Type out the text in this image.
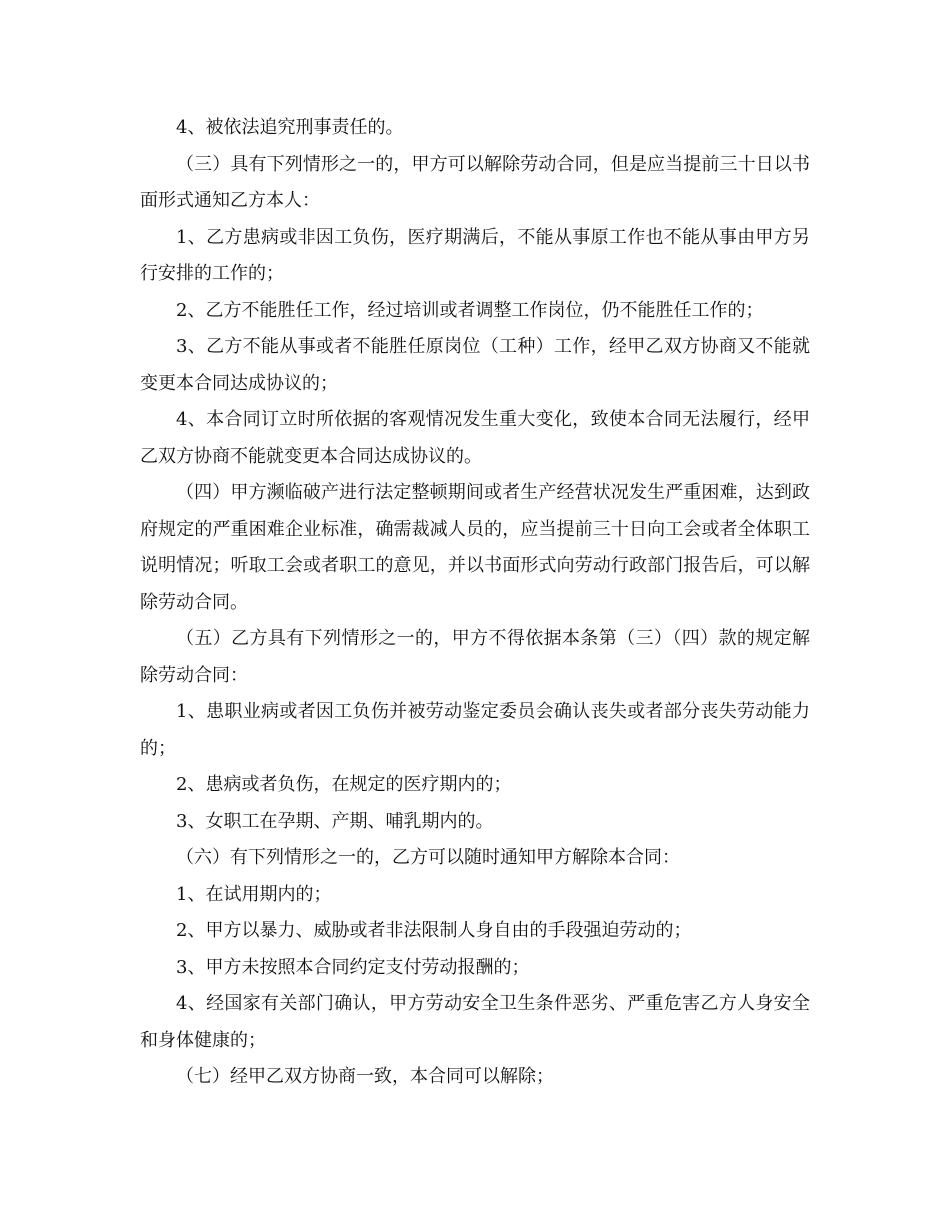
4、被依法追究刑事责任的。

（三）具有下列情形之一的，甲方可以解除劳动合同，但是应当提前三十日以书面形式通知乙方本人：

1、乙方患病或非因工负伤，医疗期满后，不能从事原工作也不能从事由甲方另行安排的工作的；

2、乙方不能胜任工作，经过培训或者调整工作岗位，仍不能胜任工作的；

3、乙方不能从事或者不能胜任原岗位（工种）工作，经甲乙双方协商又不能就变更本合同达成协议的；

4、本合同订立时所依据的客观情况发生重大变化，致使本合同无法履行，经甲乙双方协商不能就变更本合同达成协议的。

（四）甲方濒临破产进行法定整顿期间或者生产经营状况发生严重困难，达到政府规定的严重困难企业标准，确需裁减人员的，应当提前三十日向工会或者全体职工说明情况；听取工会或者职工的意见，并以书面形式向劳动行政部门报告后，可以解除劳动合同。

（五）乙方具有下列情形之一的，甲方不得依据本条第（三）（四）款的规定解除劳动合同：

1、患职业病或者因工负伤并被劳动鉴定委员会确认丧失或者部分丧失劳动能力的；

2、患病或者负伤，在规定的医疗期内的；

3、女职工在孕期、产期、哺乳期内的。

（六）有下列情形之一的，乙方可以随时通知甲方解除本合同：

1、在试用期内的；

2、甲方以暴力、威胁或者非法限制人身自由的手段强迫劳动的；

3、甲方未按照本合同约定支付劳动报酬的；

4、经国家有关部门确认，甲方劳动安全卫生条件恶劣、严重危害乙方人身安全和身体健康的；

（七）经甲乙双方协商一致，本合同可以解除；
